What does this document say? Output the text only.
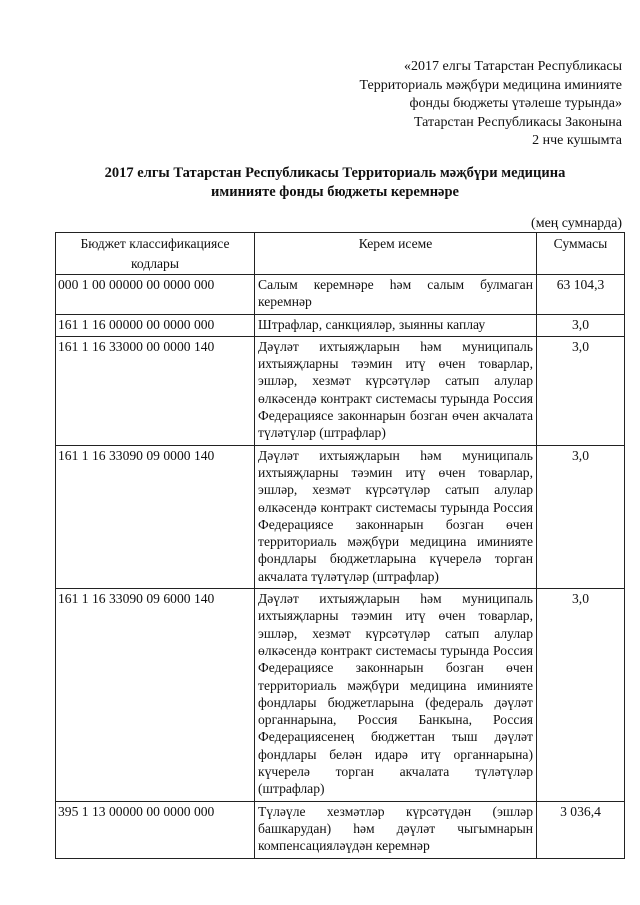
«2017 елгы Татарстан Республикасы
Территориаль мәҗбүри медицина иминияте
фонды бюджеты үтәлеше турында»
Татарстан Республикасы Законына
2 нче кушымта
2017 елгы Татарстан Республикасы Территориаль мәҗбүри медицина
иминияте фонды бюджеты керемнәре
(мең сумнарда)
Бюджет классификациясе
кодлары	Керем исеме	Суммасы
000 1 00 00000 00 0000 000	Салым керемнәре һәм салым булмаган керемнәр	63 104,3
161 1 16 00000 00 0000 000	Штрафлар, санкцияләр, зыянны каплау	3,0
161 1 16 33000 00 0000 140	Дәүләт ихтыяҗларын һәм муниципаль ихтыяҗларны тәэмин итү өчен товарлар, эшләр, хезмәт күрсәтүләр сатып алулар өлкәсендә контракт системасы турында Россия Федерациясе законнарын бозган өчен акчалата түләтүләр (штрафлар)	3,0
161 1 16 33090 09 0000 140	Дәүләт ихтыяҗларын һәм муниципаль ихтыяҗларны тәэмин итү өчен товарлар, эшләр, хезмәт күрсәтүләр сатып алулар өлкәсендә контракт системасы турында Россия Федерациясе законнарын бозган өчен территориаль мәҗбүри медицина иминияте фондлары бюджетларына күчерелә торган акчалата түләтүләр (штрафлар)	3,0
161 1 16 33090 09 6000 140	Дәүләт ихтыяҗларын һәм муниципаль ихтыяҗларны тәэмин итү өчен товарлар, эшләр, хезмәт күрсәтүләр сатып алулар өлкәсендә контракт системасы турында Россия Федерациясе законнарын бозган өчен территориаль мәҗбүри медицина иминияте фондлары бюджетларына (федераль дәүләт органнарына, Россия Банкына, Россия Федерациясенең бюджеттан тыш дәүләт фондлары белән идарә итү органнарына) күчерелә торган акчалата түләтүләр (штрафлар)	3,0
395 1 13 00000 00 0000 000	Түләүле хезмәтләр күрсәтүдән (эшләр башкарудан) һәм дәүләт чыгымнарын компенсацияләүдән керемнәр	3 036,4
